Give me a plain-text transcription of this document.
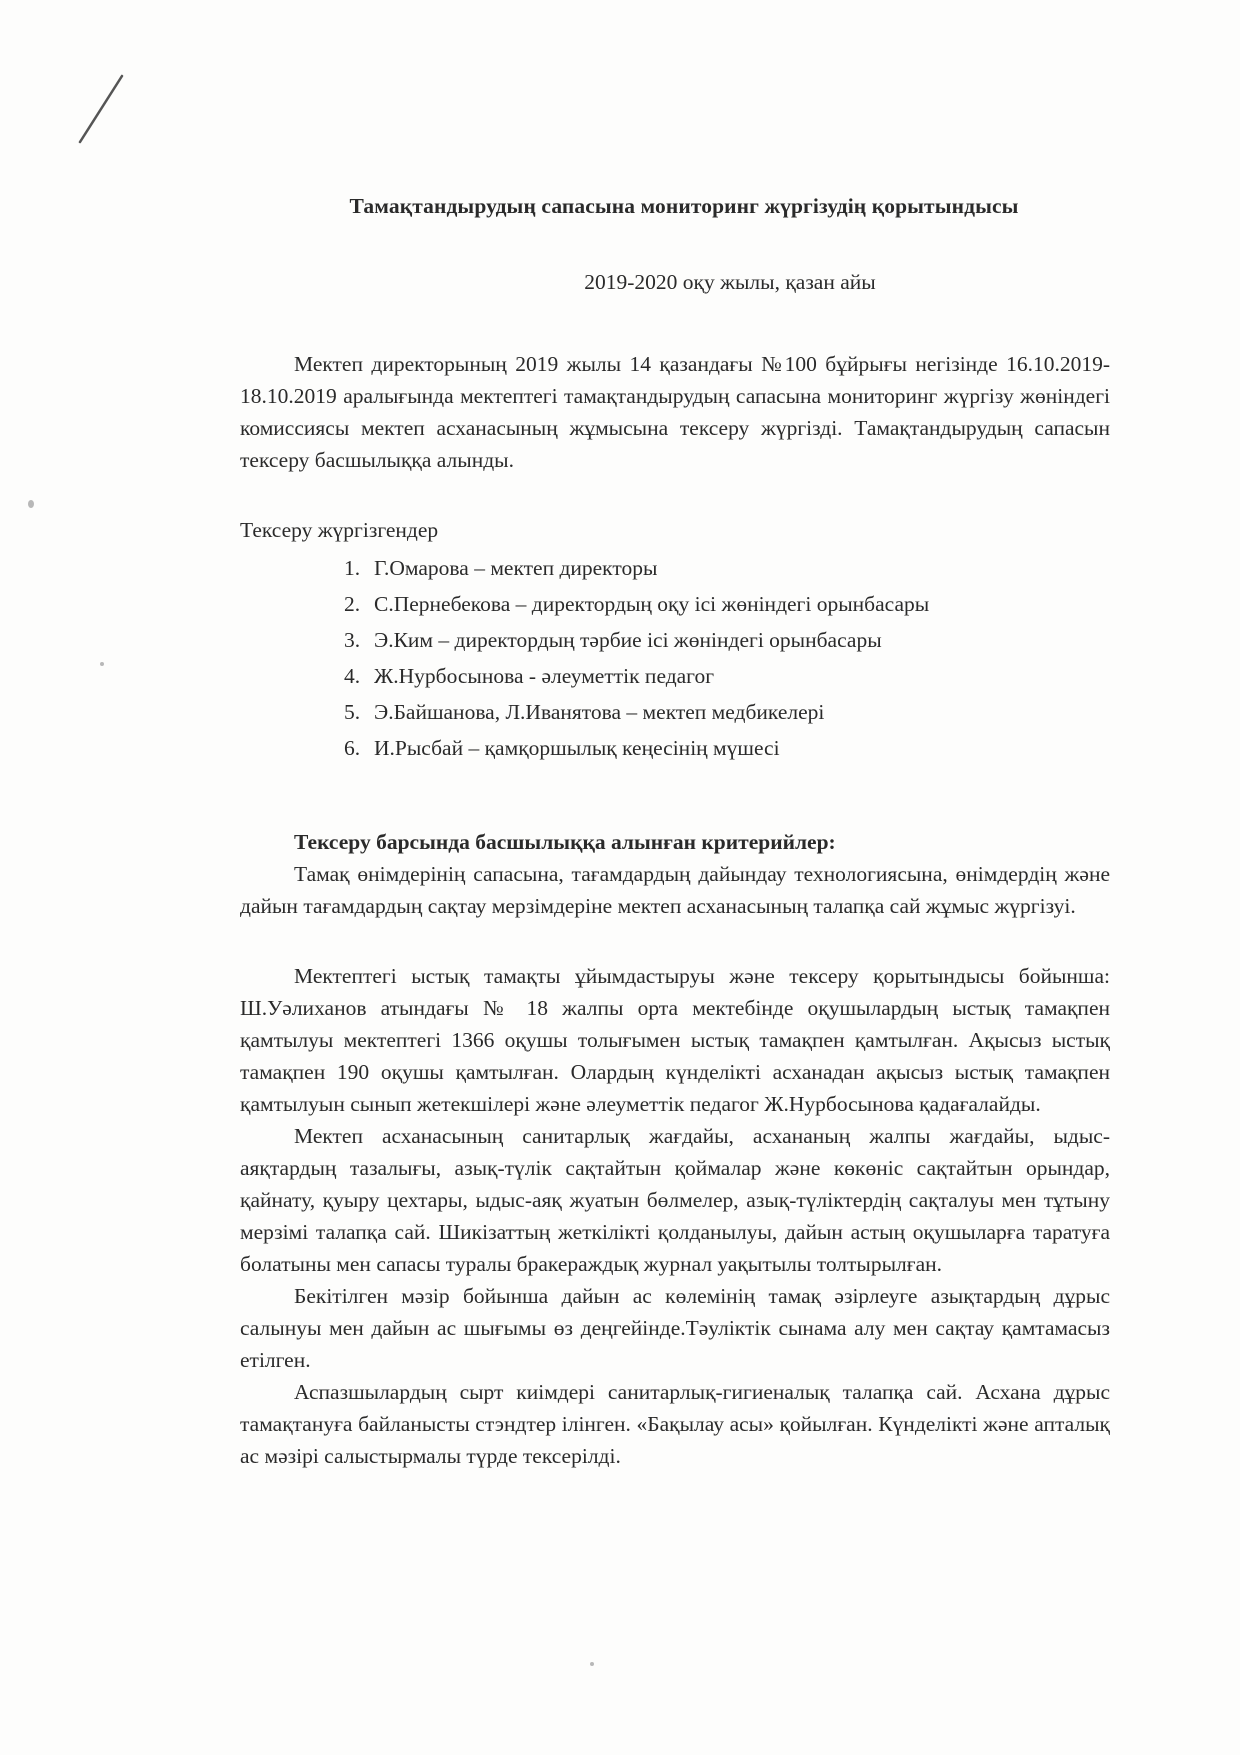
Тамақтандырудың сапасына мониторинг жүргізудің қорытындысы
2019-2020 оқу жылы, қазан айы

Мектеп директорының 2019 жылы 14 қазандағы №100 бұйрығы негізінде 16.10.2019-18.10.2019 аралығында мектептегі тамақтандырудың сапасына мониторинг жүргізу жөніндегі комиссиясы мектеп асханасының жұмысына тексеру жүргізді. Тамақтандырудың сапасын тексеру басшылыққа алынды.

Тексеру жүргізгендер

1. Г.Омарова – мектеп директоры
2. С.Пернебекова – директордың оқу ісі жөніндегі орынбасары
3. Э.Ким – директордың тәрбие ісі жөніндегі орынбасары
4. Ж.Нурбосынова - әлеуметтік педагог
5. Э.Байшанова, Л.Иванятова – мектеп медбикелері
6. И.Рысбай – қамқоршылық кеңесінің мүшесі

Тексеру барсында басшылыққа алынған критерийлер:

Тамақ өнімдерінің сапасына, тағамдардың дайындау технологиясына, өнімдердің және дайын тағамдардың сақтау мерзімдеріне мектеп асханасының талапқа сай жұмыс жүргізуі.

Мектептегі ыстық тамақты ұйымдастыруы және тексеру қорытындысы бойынша: Ш.Уәлиханов атындағы № 18 жалпы орта мектебінде оқушылардың ыстық тамақпен қамтылуы мектептегі 1366 оқушы толығымен ыстық тамақпен қамтылған. Ақысыз ыстық тамақпен 190 оқушы қамтылған. Олардың күнделікті асханадан ақысыз ыстық тамақпен қамтылуын сынып жетекшілері және әлеуметтік педагог Ж.Нурбосынова қадағалайды.

Мектеп асханасының санитарлық жағдайы, асхананың жалпы жағдайы, ыдыс-аяқтардың тазалығы, азық-түлік сақтайтын қоймалар және көкөніс сақтайтын орындар, қайнату, қуыру цехтары, ыдыс-аяқ жуатын бөлмелер, азық-түліктердің сақталуы мен тұтыну мерзімі талапқа сай. Шикізаттың жеткілікті қолданылуы, дайын астың оқушыларға таратуға болатыны мен сапасы туралы бракераждық журнал уақытылы толтырылған.

Бекітілген мәзір бойынша дайын ас көлемінің тамақ әзірлеуге азықтардың дұрыс салынуы мен дайын ас шығымы өз деңгейінде.Тәуліктік сынама алу мен сақтау қамтамасыз етілген.

Аспазшылардың сырт киімдері санитарлық-гигиеналық талапқа сай. Асхана дұрыс тамақтануға байланысты стэндтер ілінген. «Бақылау асы» қойылған. Күнделікті және апталық ас мәзірі салыстырмалы түрде тексерілді.
